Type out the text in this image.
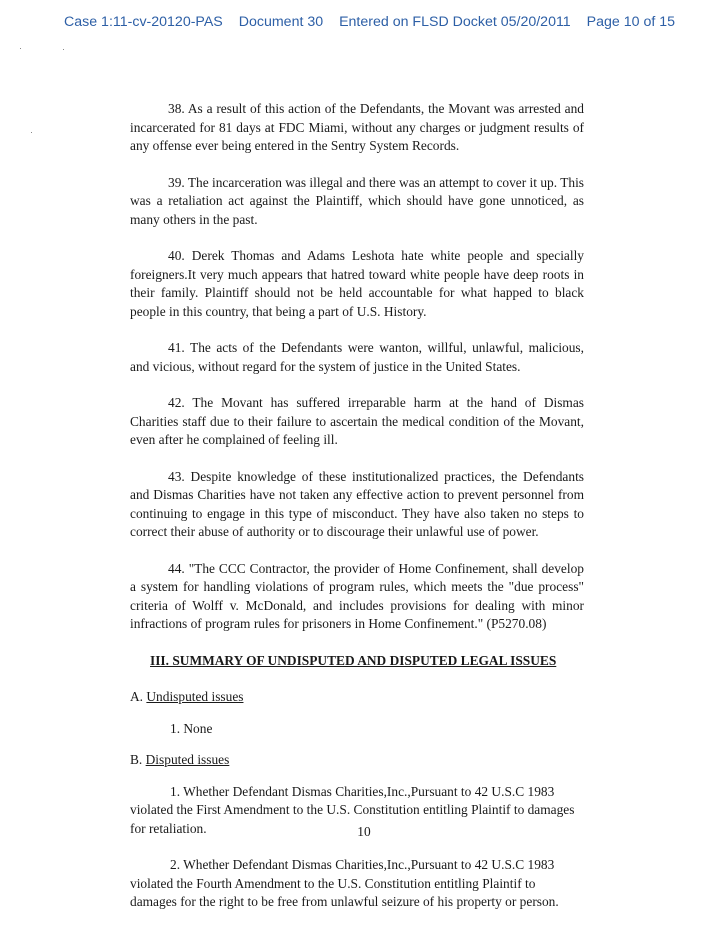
Case 1:11-cv-20120-PAS Document 30 Entered on FLSD Docket 05/20/2011 Page 10 of 15

38. As a result of this action of the Defendants, the Movant was arrested and incarcerated for 81 days at FDC Miami, without any charges or judgment results of any offense ever being entered in the Sentry System Records.

39. The incarceration was illegal and there was an attempt to cover it up. This was a retaliation act against the Plaintiff, which should have gone unnoticed, as many others in the past.

40. Derek Thomas and Adams Leshota hate white people and specially foreigners.It very much appears that hatred toward white people have deep roots in their family. Plaintiff should not be held accountable for what happed to black people in this country, that being a part of U.S. History.

41. The acts of the Defendants were wanton, willful, unlawful, malicious, and vicious, without regard for the system of justice in the United States.

42. The Movant has suffered irreparable harm at the hand of Dismas Charities staff due to their failure to ascertain the medical condition of the Movant, even after he complained of feeling ill.

43. Despite knowledge of these institutionalized practices, the Defendants and Dismas Charities have not taken any effective action to prevent personnel from continuing to engage in this type of misconduct. They have also taken no steps to correct their abuse of authority or to discourage their unlawful use of power.

44. "The CCC Contractor, the provider of Home Confinement, shall develop a system for handling violations of program rules, which meets the "due process" criteria of Wolff v. McDonald, and includes provisions for dealing with minor infractions of program rules for prisoners in Home Confinement." (P5270.08)

III. SUMMARY OF UNDISPUTED AND DISPUTED LEGAL ISSUES
A. Undisputed issues
1. None
B. Disputed issues

1. Whether Defendant Dismas Charities,Inc.,Pursuant to 42 U.S.C 1983 violated the First Amendment to the U.S. Constitution entitling Plaintif to damages for retaliation.

2. Whether Defendant Dismas Charities,Inc.,Pursuant to 42 U.S.C 1983 violated the Fourth Amendment to the U.S. Constitution entitling Plaintif to damages for the right to be free from unlawful seizure of his property or person.

10
